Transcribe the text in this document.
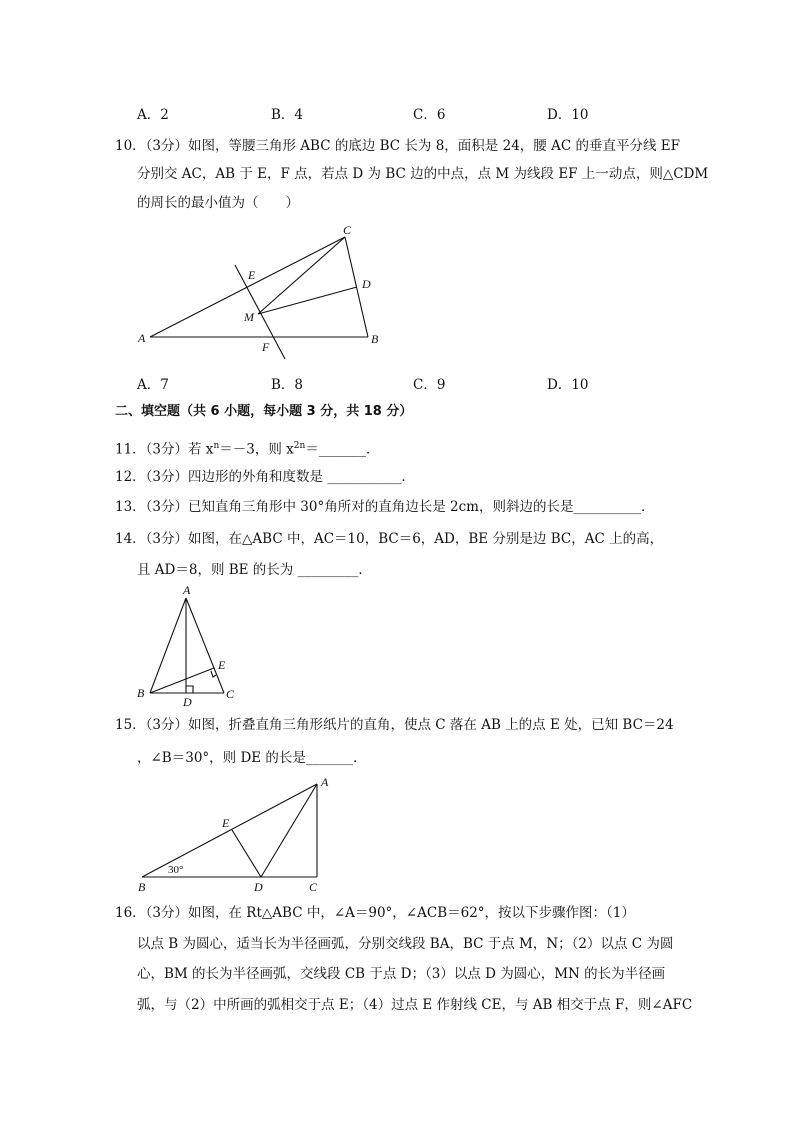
A．2	B．4	C．6	D．10
10．（3分）如图，等腰三角形 ABC 的底边 BC 长为 8，面积是 24，腰 AC 的垂直平分线 EF
分别交 AC，AB 于 E，F 点，若点 D 为 BC 边的中点，点 M 为线段 EF 上一动点，则△CDM
的周长的最小值为（　　）
A	B
C
D
E
F
M
A．7	B．8	C．9	D．10
二、填空题（共 6 小题，每小题 3 分，共 18 分）
11．（3分）若 $x^n=-3$，则 $x^{2n}=\_\_\_\_\_\_\_$．
12．（3分）四边形的外角和度数是 ___________．
13．（3分）已知直角三角形中 30°角所对的直角边长是 2cm，则斜边的长是__________．
14．（3分）如图，在△ABC 中，AC＝10，BC＝6，AD，BE 分别是边 BC，AC 上的高，
且 AD＝8，则 BE 的长为 _________．
A
B	C
D
E
15．（3分）如图，折叠直角三角形纸片的直角，使点 C 落在 AB 上的点 E 处，已知 BC＝24
，∠B＝30°，则 DE 的长是_______．
A
B	C
D
E
30°
16．（3分）如图，在 Rt△ABC 中，∠A＝90°，∠ACB＝62°，按以下步骤作图：（1）
以点 B 为圆心，适当长为半径画弧，分别交线段 BA，BC 于点 M，N；（2）以点 C 为圆
心，BM 的长为半径画弧，交线段 CB 于点 D；（3）以点 D 为圆心，MN 的长为半径画
弧，与（2）中所画的弧相交于点 E；（4）过点 E 作射线 CE，与 AB 相交于点 F，则∠AFC
